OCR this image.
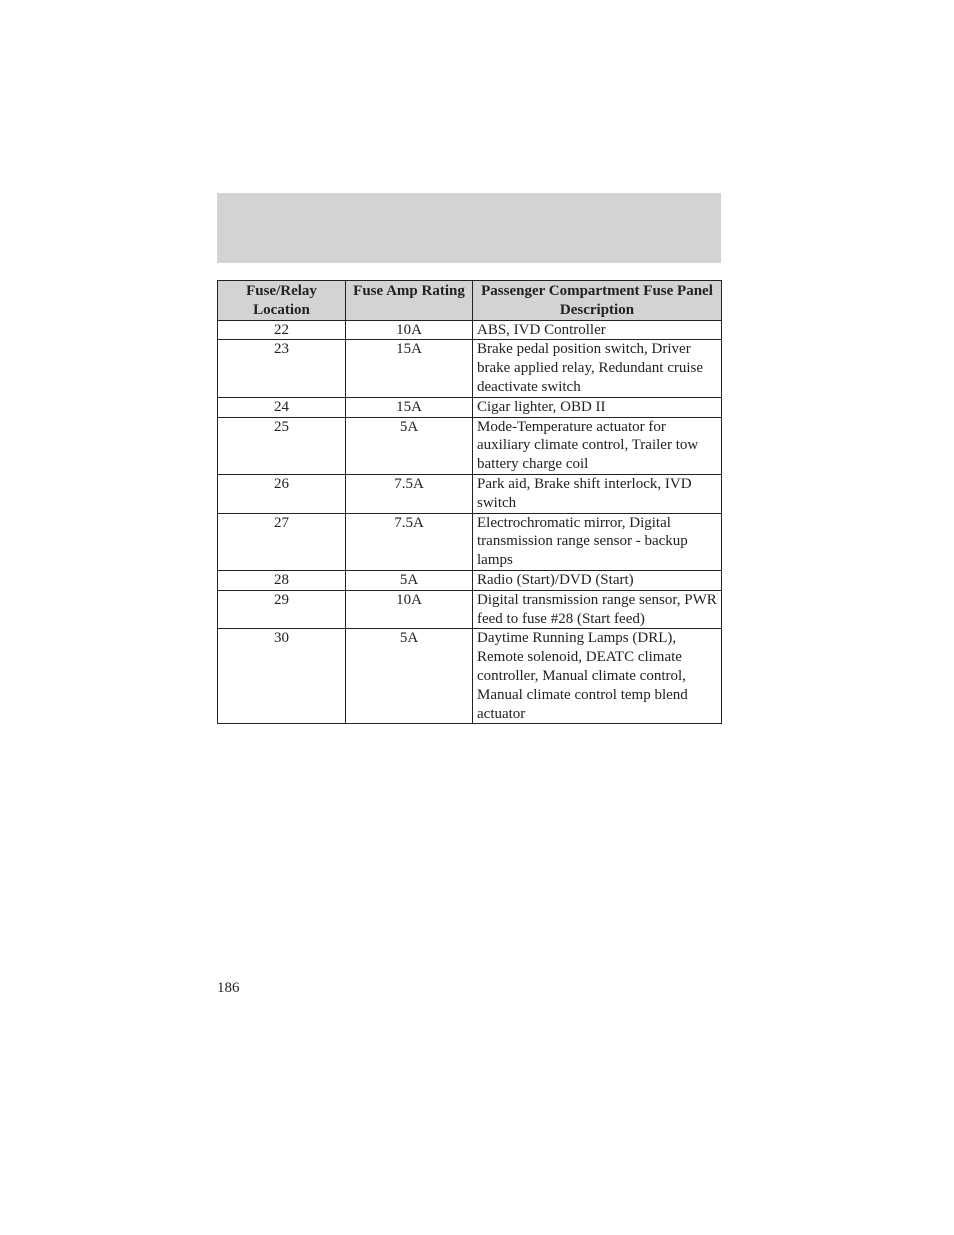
Fuse/Relay Location	Fuse Amp Rating	Passenger Compartment Fuse Panel Description
22	10A	ABS, IVD Controller
23	15A	Brake pedal position switch, Driver brake applied relay, Redundant cruise deactivate switch
24	15A	Cigar lighter, OBD II
25	5A	Mode-Temperature actuator for auxiliary climate control, Trailer tow battery charge coil
26	7.5A	Park aid, Brake shift interlock, IVD switch
27	7.5A	Electrochromatic mirror, Digital transmission range sensor - backup lamps
28	5A	Radio (Start)/DVD (Start)
29	10A	Digital transmission range sensor, PWR feed to fuse #28 (Start feed)
30	5A	Daytime Running Lamps (DRL), Remote solenoid, DEATC climate controller, Manual climate control, Manual climate control temp blend actuator
186
